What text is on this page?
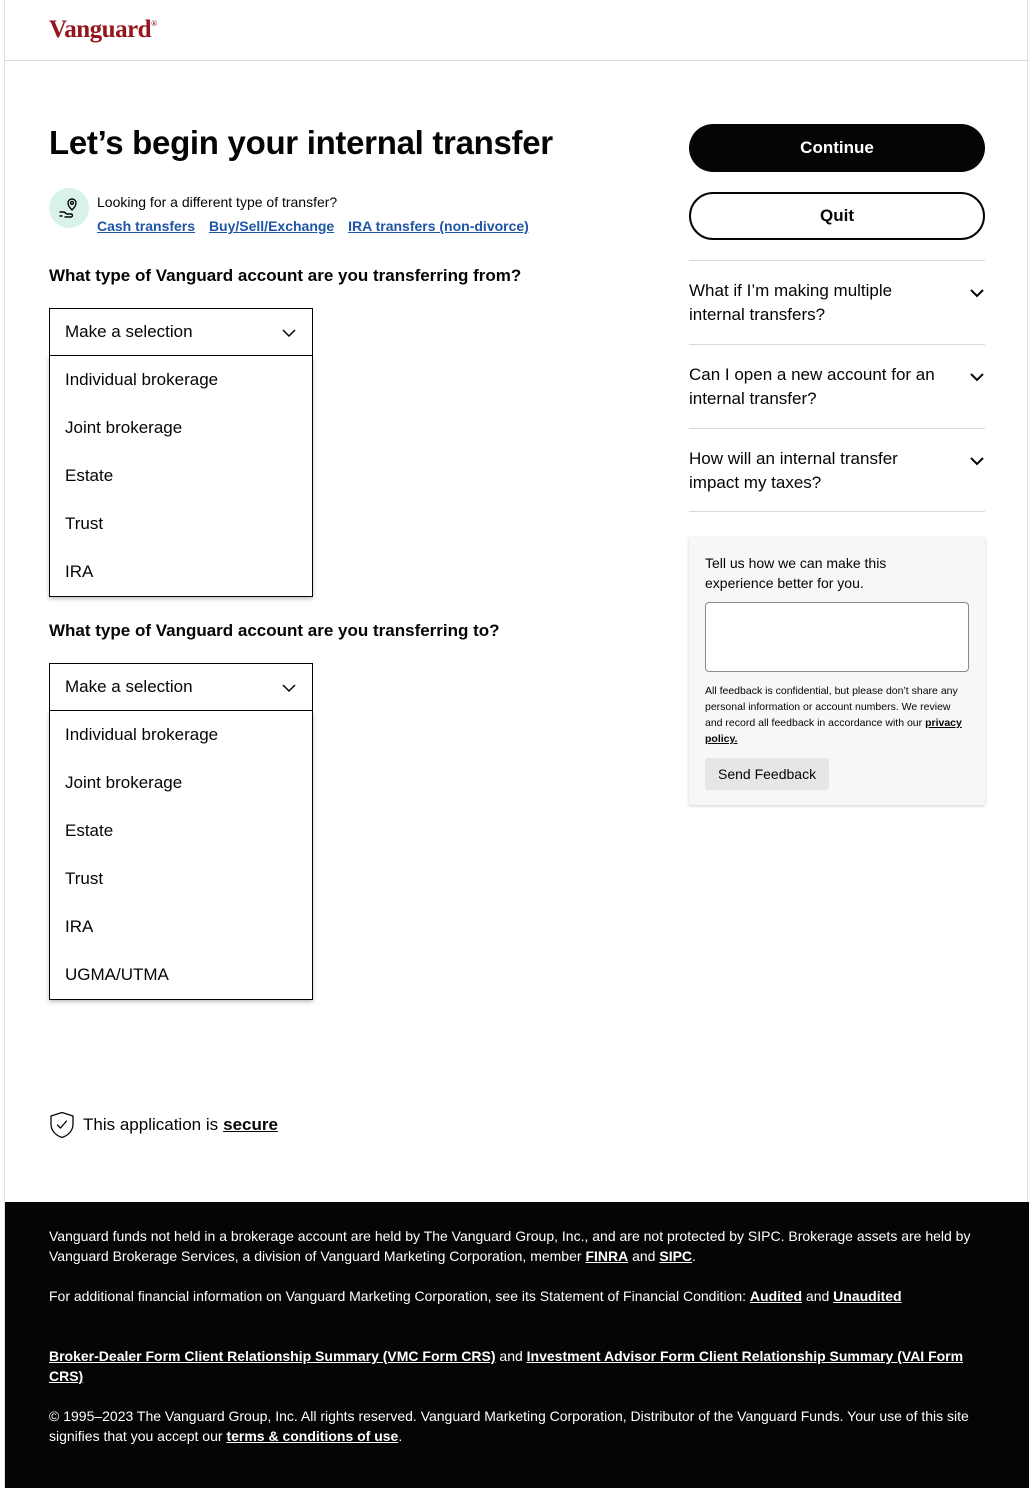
Vanguard®
Let’s begin your internal transfer
Looking for a different type of transfer?
Cash transfers Buy/Sell/Exchange IRA transfers (non-divorce)
What type of Vanguard account are you transferring from?
Make a selection
Individual brokerage
Joint brokerage
Estate
Trust
IRA
What type of Vanguard account are you transferring to?
Make a selection
Individual brokerage
Joint brokerage
Estate
Trust
IRA
UGMA/UTMA
Continue
Quit
What if I’m making multiple internal transfers?
Can I open a new account for an internal transfer?
How will an internal transfer impact my taxes?
Tell us how we can make this experience better for you.
All feedback is confidential, but please don’t share any personal information or account numbers. We review and record all feedback in accordance with our privacy policy.
Send Feedback
This application is secure

Vanguard funds not held in a brokerage account are held by The Vanguard Group, Inc., and are not protected by SIPC. Brokerage assets are held by Vanguard Brokerage Services, a division of Vanguard Marketing Corporation, member FINRA and SIPC.

For additional financial information on Vanguard Marketing Corporation, see its Statement of Financial Condition: Audited and Unaudited

Broker-Dealer Form Client Relationship Summary (VMC Form CRS) and Investment Advisor Form Client Relationship Summary (VAI Form CRS)

© 1995–2023 The Vanguard Group, Inc. All rights reserved. Vanguard Marketing Corporation, Distributor of the Vanguard Funds. Your use of this site signifies that you accept our terms & conditions of use.
